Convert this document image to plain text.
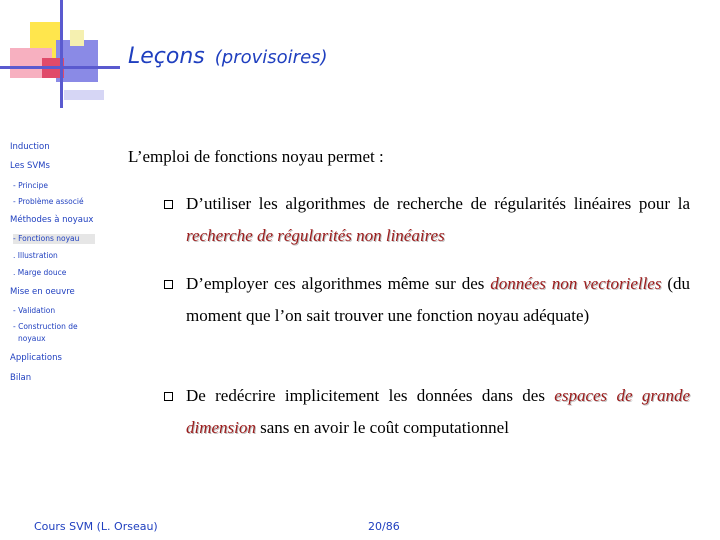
Leçons (provisoires)
Induction
Les SVMs
- Principe
- Problème associé
Méthodes à noyaux
- Fonctions noyau
. Illustration
. Marge douce
Mise en oeuvre
- Validation
- Construction de
noyaux
Applications
Bilan
L’emploi de fonctions noyau permet :
D’utiliser les algorithmes de recherche de régularités linéaires pour la recherche de régularités non linéaires
D’employer ces algorithmes même sur des données non vectorielles (du moment que l’on sait trouver une fonction noyau adéquate)
De redécrire implicitement les données dans des espaces de grande dimension sans en avoir le coût computationnel
Cours SVM (L. Orseau)	20/86
